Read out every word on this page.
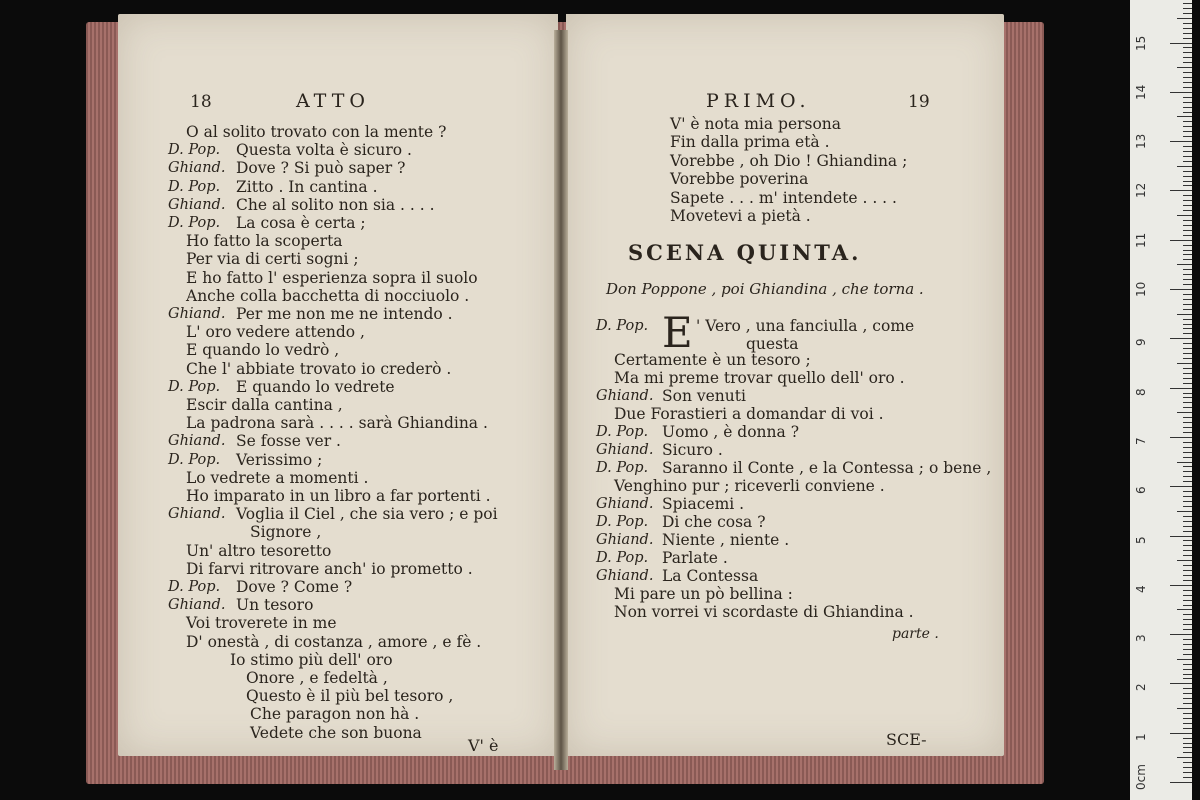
18	ATTO
O al solito trovato con la mente ?
D. Pop. Questa volta è sicuro .
Ghiand. Dove ? Si può saper ?
D. Pop. Zitto . In cantina .
Ghiand. Che al solito non sia . . . .
D. Pop. La cosa è certa ;
Ho fatto la scoperta
Per via di certi sogni ;
E ho fatto l' esperienza sopra il suolo
Anche colla bacchetta di nocciuolo .
Ghiand. Per me non me ne intendo .
L' oro vedere attendo ,
E quando lo vedrò ,
Che l' abbiate trovato io crederò .
D. Pop. E quando lo vedrete
Escir dalla cantina ,
La padrona sarà . . . . sarà Ghiandina .
Ghiand. Se fosse ver .
D. Pop. Verissimo ;
Lo vedrete a momenti .
Ho imparato in un libro a far portenti .
Ghiand. Voglia il Ciel , che sia vero ; e poi
Signore ,
Un' altro tesoretto
Di farvi ritrovare anch' io prometto .
D. Pop. Dove ? Come ?
Ghiand. Un tesoro
Voi troverete in me
D' onestà , di costanza , amore , e fè .
Io stimo più dell' oro
Onore , e fedeltà ,
Questo è il più bel tesoro ,
Che paragon non hà .
Vedete che son buona
V' è
PRIMO.	19
V' è nota mia persona
Fin dalla prima età .
Vorebbe , oh Dio ! Ghiandina ;
Vorebbe poverina
Sapete . . . m' intendete . . . .
Movetevi a pietà .
SCENA QUINTA.
Don Poppone , poi Ghiandina , che torna .
E
D. Pop.	' Vero , una fanciulla , come
questa
Certamente è un tesoro ;
Ma mi preme trovar quello dell' oro .
Ghiand. Son venuti
Due Forastieri a domandar di voi .
D. Pop. Uomo , è donna ?
Ghiand. Sicuro .
D. Pop. Saranno il Conte , e la Contessa ; o bene ,
Venghino pur ; riceverli conviene .
Ghiand. Spiacemi .
D. Pop. Di che cosa ?
Ghiand. Niente , niente .
D. Pop. Parlate .
Ghiand. La Contessa
Mi pare un pò bellina :
Non vorrei vi scordaste di Ghiandina .
parte .
SCE-
0cm
1
2
3
4
5
6
7
8
9
10
11
12
13
14
15
